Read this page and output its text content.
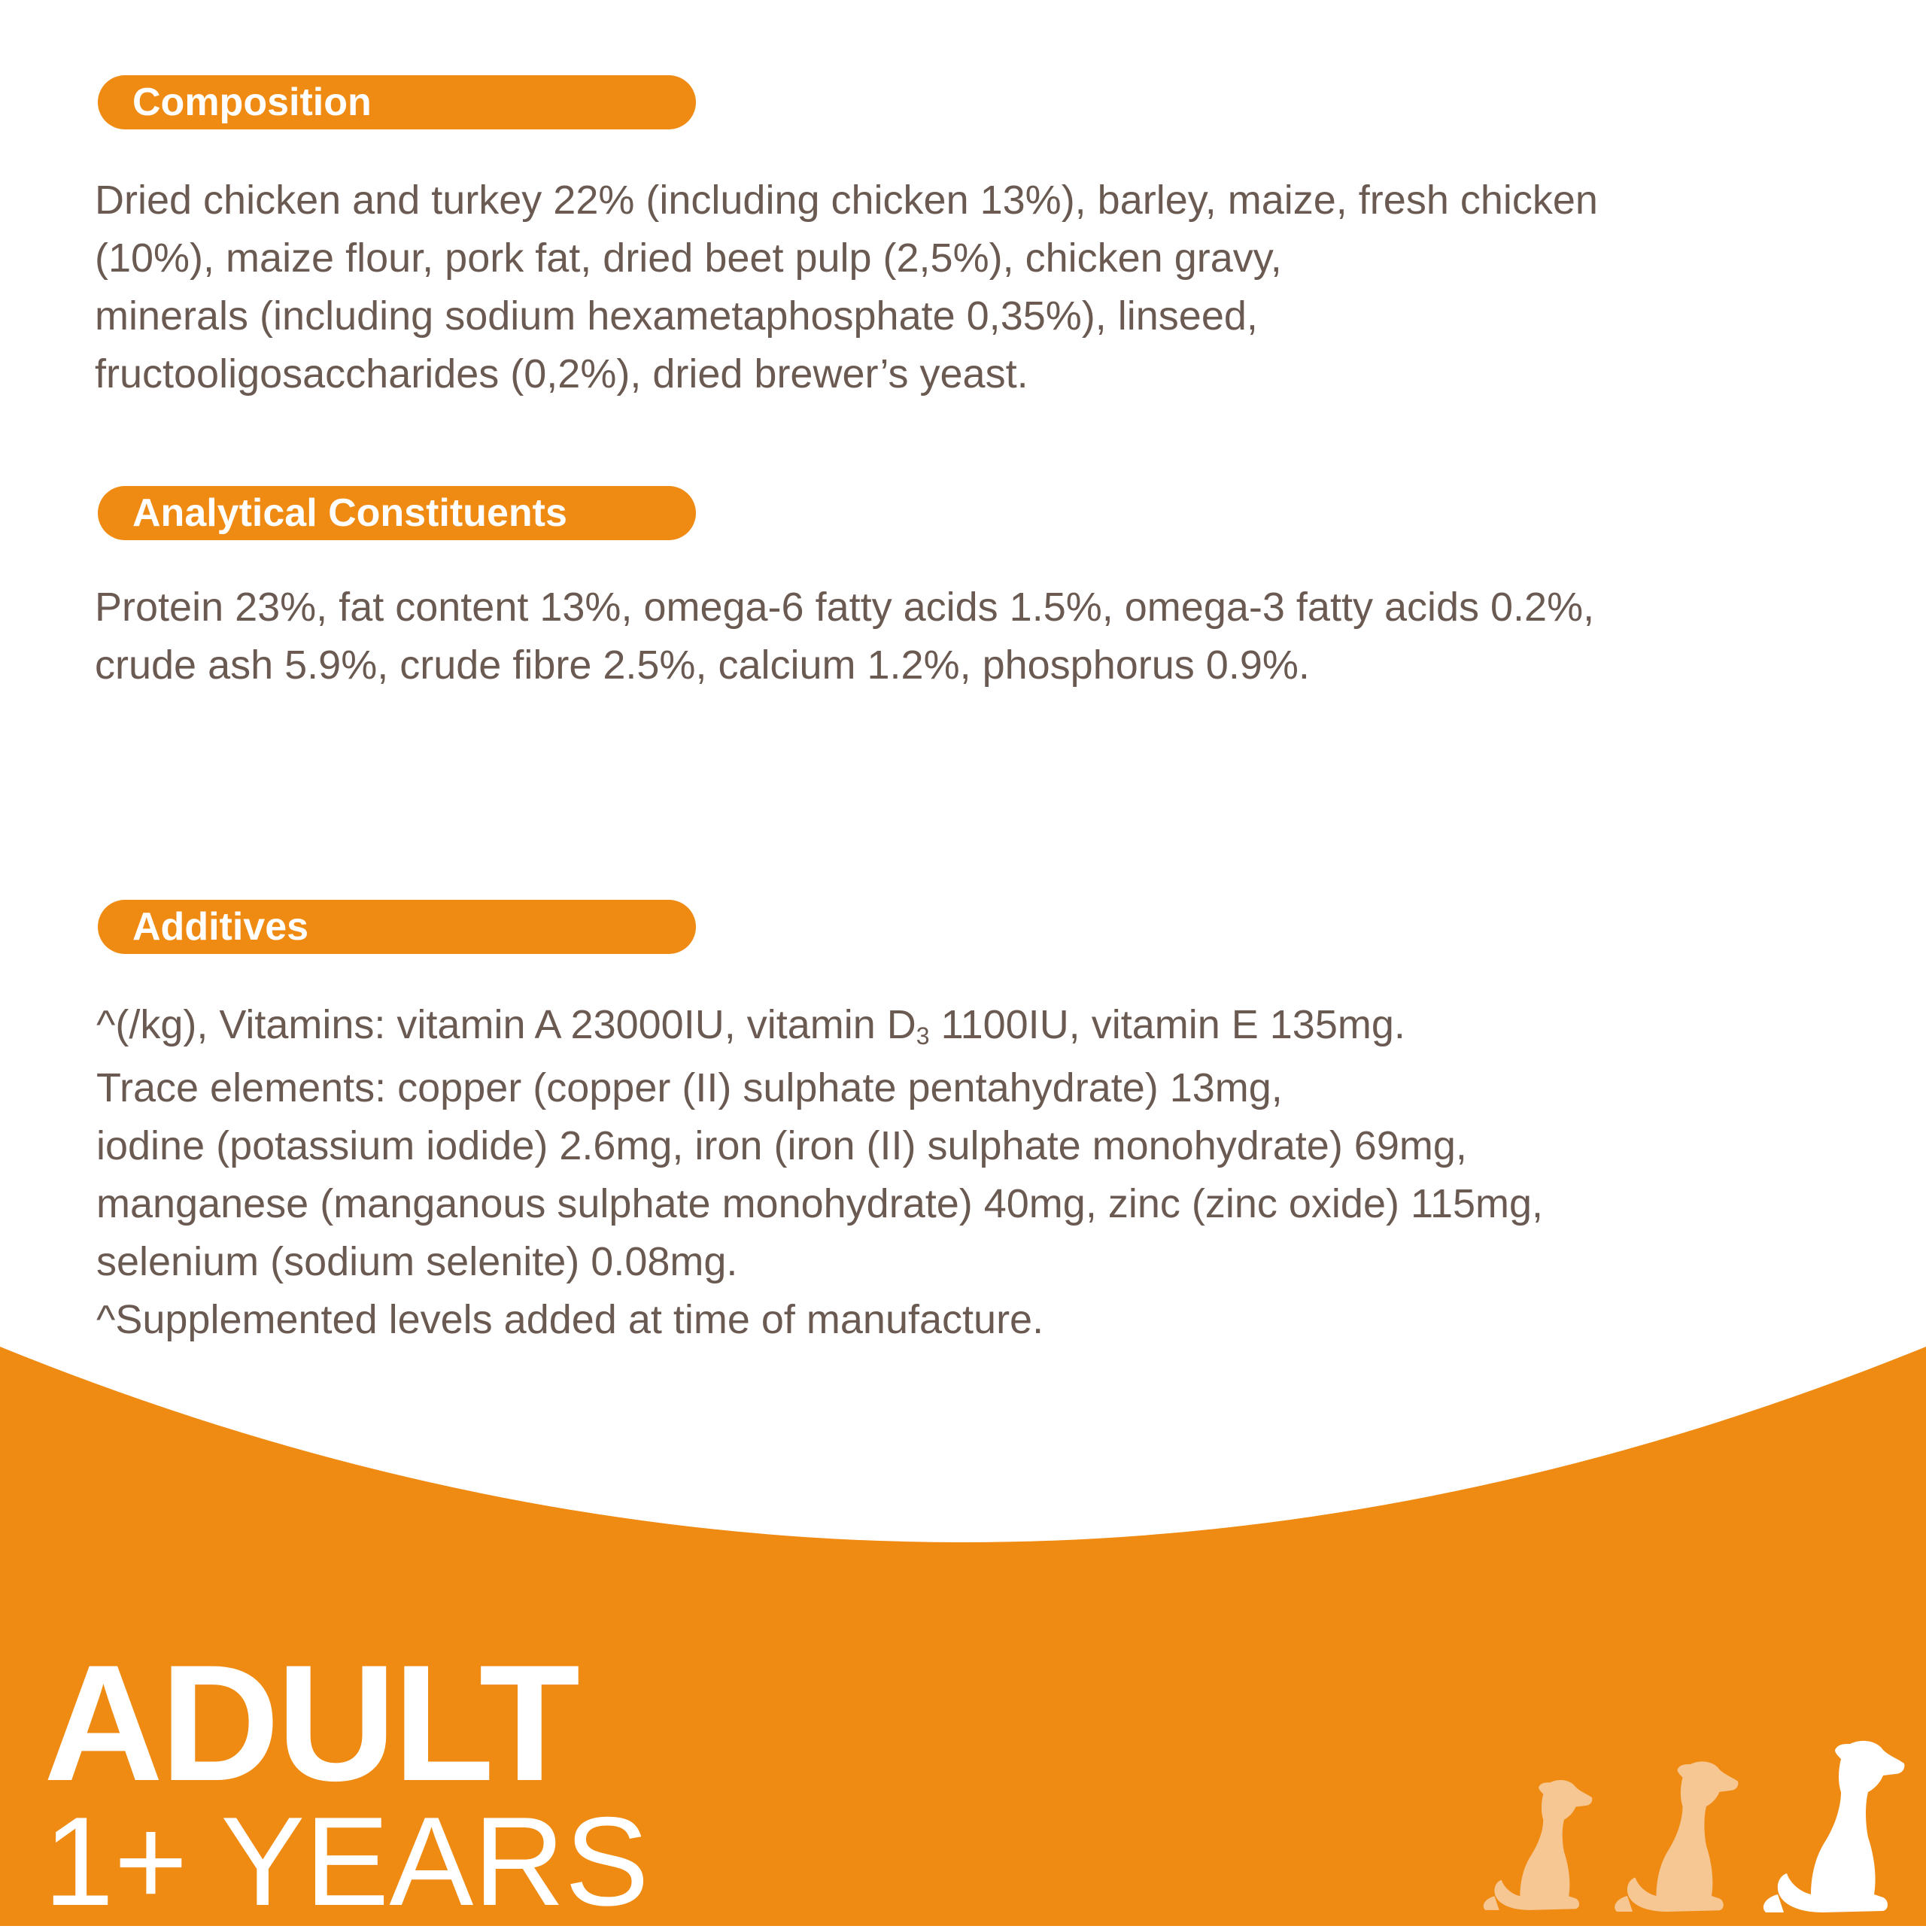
Composition
Dried chicken and turkey 22% (including chicken 13%), barley, maize, fresh chicken
(10%), maize flour, pork fat, dried beet pulp (2,5%), chicken gravy,
minerals (including sodium hexametaphosphate 0,35%), linseed,
fructooligosaccharides (0,2%), dried brewer’s yeast.
Analytical Constituents
Protein 23%, fat content 13%, omega-6 fatty acids 1.5%, omega-3 fatty acids 0.2%,
crude ash 5.9%, crude fibre 2.5%, calcium 1.2%, phosphorus 0.9%.
Additives
^(/kg), Vitamins: vitamin A 23000IU, vitamin $D_3$ 1100IU, vitamin E 135mg.
Trace elements: copper (copper (II) sulphate pentahydrate) 13mg,
iodine (potassium iodide) 2.6mg, iron (iron (II) sulphate monohydrate) 69mg,
manganese (manganous sulphate monohydrate) 40mg, zinc (zinc oxide) 115mg,
selenium (sodium selenite) 0.08mg.
^Supplemented levels added at time of manufacture.
ADULT
1+ YEARS
